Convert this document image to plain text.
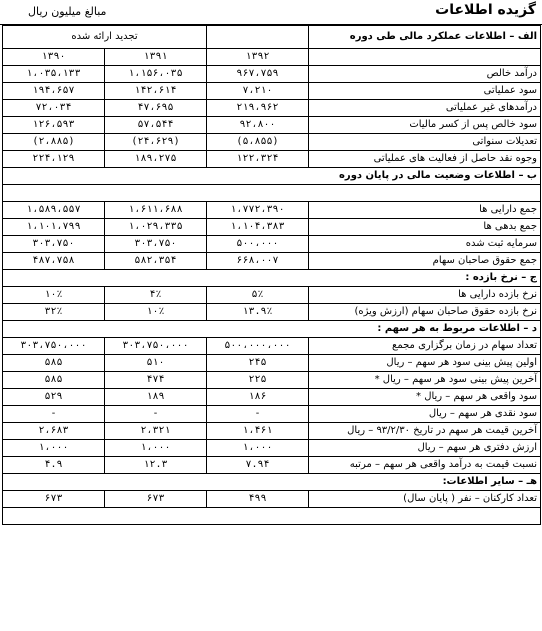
گزیده اطلاعات
مبالغ میلیون ریال
الف – اطلاعات عملکرد مالی طی دوره		تجدید ارائه شده	
	۱۳۹۲	۱۳۹۱	۱۳۹۰
درآمد خالص	۹۶۷،۷۵۹	۱،۱۵۶،۰۳۵	۱،۰۳۵،۱۳۳
سود عملیاتی	۷،۲۱۰	۱۴۲،۶۱۴	۱۹۴،۶۵۷
درآمدهای غیر عملیاتی	۲۱۹،۹۶۲	۴۷،۶۹۵	۷۲،۰۳۴
سود خالص پس از کسر مالیات	۹۲،۸۰۰	۵۷،۵۴۴	۱۲۶،۵۹۳
تعدیلات سنواتی	(۵،۸۵۵)	(۲۴،۶۲۹)	(۲،۸۸۵)
وجوه نقد حاصل از فعالیت های عملیاتی	۱۲۲،۳۲۴	۱۸۹،۲۷۵	۲۲۴،۱۲۹
ب – اطلاعات وضعیت مالی در پایان دوره			

جمع دارایی ها	۱،۷۷۲،۳۹۰	۱،۶۱۱،۶۸۸	۱،۵۸۹،۵۵۷
جمع بدهی ها	۱،۱۰۴،۳۸۳	۱،۰۲۹،۳۳۵	۱،۱۰۱،۷۹۹
سرمایه ثبت شده	۵۰۰،۰۰۰	۳۰۳،۷۵۰	۳۰۳،۷۵۰
جمع حقوق صاحبان سهام	۶۶۸،۰۰۷	۵۸۲،۳۵۴	۴۸۷،۷۵۸
ج – نرخ بازده :			
نرخ بازده دارایی ها	۵٪	۴٪	۱۰٪
نرخ بازده حقوق صاحبان سهام (ارزش ویژه)	۱۳.۹٪	۱۰٪	۳۲٪
د – اطلاعات مربوط به هر سهم :			
تعداد سهام در زمان برگزاری مجمع	۵۰۰،۰۰۰،۰۰۰	۳۰۳،۷۵۰،۰۰۰	۳۰۳،۷۵۰،۰۰۰
اولین پیش بینی سود هر سهم – ریال	۲۴۵	۵۱۰	۵۸۵
آخرین پیش بینی سود هر سهم – ریال *	۲۲۵	۴۷۴	۵۸۵
سود واقعی هر سهم – ریال *	۱۸۶	۱۸۹	۵۲۹
سود نقدی هر سهم – ریال	-	-	-
آخرین قیمت هر سهم در تاریخ ۹۳/۲/۳۰ – ریال	۱،۴۶۱	۲،۳۲۱	۲،۶۸۳
ارزش دفتری هر سهم – ریال	۱،۰۰۰	۱،۰۰۰	۱،۰۰۰
نسبت قیمت به درآمد واقعی هر سهم – مرتبه	۷.۹۴	۱۲.۳	۴.۹
هـ – سایر اطلاعات:			
تعداد کارکنان – نفر ( پایان سال)	۴۹۹	۶۷۳	۶۷۳
